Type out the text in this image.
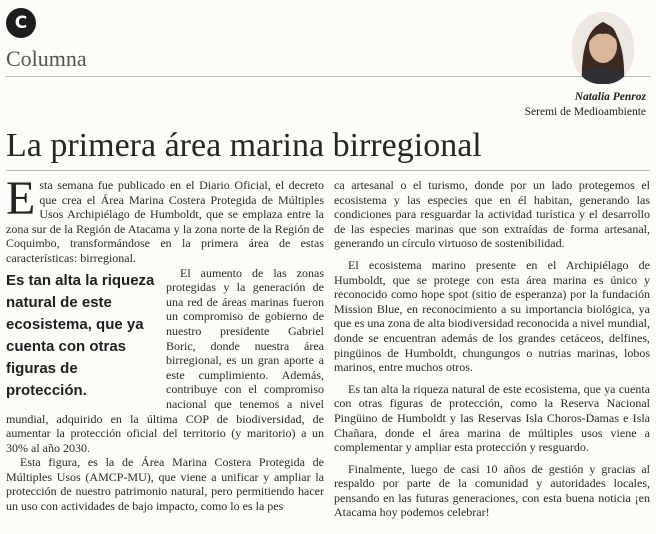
C
Columna
Natalia Penroz
Seremi de Medioambiente
La primera área marina birregional

Esta semana fue publicado en el Diario Oficial, el decreto que crea el Área Marina Costera Protegida de Múltiples Usos Archipiélago de Humboldt, que se emplaza entre la zona sur de la Región de Atacama y la zona norte de la Región de Coquimbo, transformándose en la primera área de estas características: birregional.

Es tan alta la riqueza natural de este ecosistema, que ya cuenta con otras figuras de protección.

El aumento de las zonas protegidas y la generación de una red de áreas marinas fueron un compromiso de gobierno de nuestro presidente Gabriel Boric, donde nuestra área birregional, es un gran aporte a este cumplimiento. Además, contribuye con el compromiso nacional que tenemos a nivel mundial, adquirido en la última COP de biodiversidad, de aumentar la protección oficial del territorio (y maritorio) a un 30% al año 2030.

Esta figura, es la de Área Marina Costera Protegida de Múltiples Usos (AMCP-MU), que viene a unificar y ampliar la protección de nuestro patrimonio natural, pero permitiendo hacer un uso con actividades de bajo impacto, como lo es la pes

ca artesanal o el turismo, donde por un lado protegemos el ecosistema y las especies que en él habitan, generando las condiciones para resguardar la actividad turística y el desarrollo de las especies marinas que son extraídas de forma artesanal, generando un círculo virtuoso de sostenibilidad.

El ecosistema marino presente en el Archipiélago de Humboldt, que se protege con esta área marina es único y reconocido como hope spot (sitio de esperanza) por la fundación Mission Blue, en reconocimiento a su importancia biológica, ya que es una zona de alta biodiversidad reconocida a nivel mundial, donde se encuentran además de los grandes cetáceos, delfines, pingüinos de Humboldt, chungungos o nutrias marinas, lobos marinos, entre muchos otros.

Es tan alta la riqueza natural de este ecosistema, que ya cuenta con otras figuras de protección, como la Reserva Nacional Pingüino de Humboldt y las Reservas Isla Choros-Damas e Isla Chañara, donde el área marina de múltiples usos viene a complementar y ampliar esta protección y resguardo.

Finalmente, luego de casi 10 años de gestión y gracias al respaldo por parte de la comunidad y autoridades locales, pensando en las futuras generaciones, con esta buena noticia ¡en Atacama hoy podemos celebrar!
